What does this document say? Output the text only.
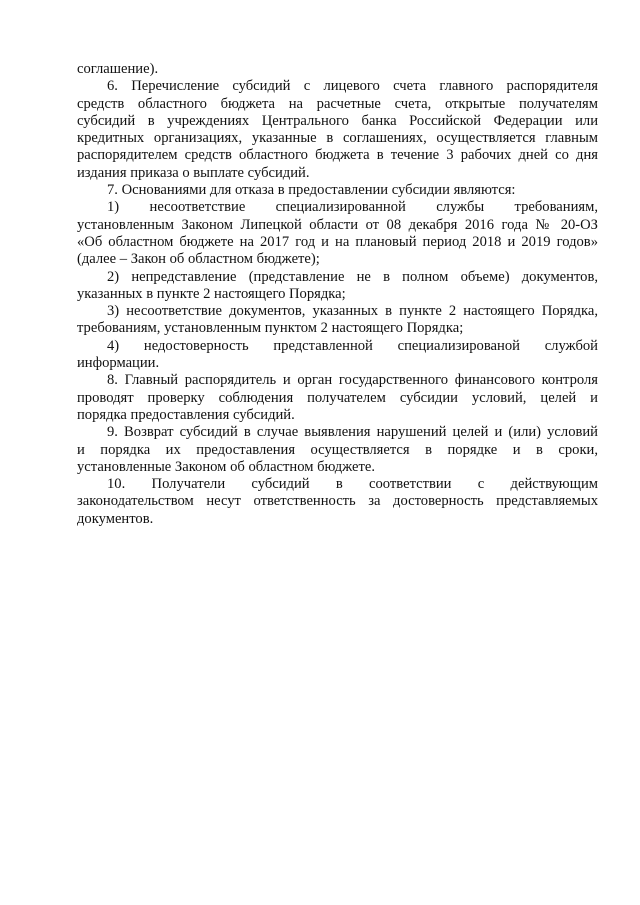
соглашение).
6. Перечисление субсидий с лицевого счета главного распорядителя
средств областного бюджета на расчетные счета, открытые получателям
субсидий в учреждениях Центрального банка Российской Федерации или
кредитных организациях, указанные в соглашениях, осуществляется главным
распорядителем средств областного бюджета в течение 3 рабочих дней со дня
издания приказа о выплате субсидий.
7. Основаниями для отказа в предоставлении субсидии являются:
1) несоответствие специализированной службы требованиям,
установленным Законом Липецкой области от 08 декабря 2016 года № 20-ОЗ
«Об областном бюджете на 2017 год и на плановый период 2018 и 2019 годов»
(далее – Закон об областном бюджете);
2) непредставление (представление не в полном объеме) документов,
указанных в пункте 2 настоящего Порядка;
3) несоответствие документов, указанных в пункте 2 настоящего Порядка,
требованиям, установленным пунктом 2 настоящего Порядка;
4) недостоверность представленной специализированой службой
информации.
8. Главный распорядитель и орган государственного финансового контроля
проводят проверку соблюдения получателем субсидии условий, целей и
порядка предоставления субсидий.
9. Возврат субсидий в случае выявления нарушений целей и (или) условий
и порядка их предоставления осуществляется в порядке и в сроки,
установленные Законом об областном бюджете.
10. Получатели субсидий в соответствии с действующим
законодательством несут ответственность за достоверность представляемых
документов.
